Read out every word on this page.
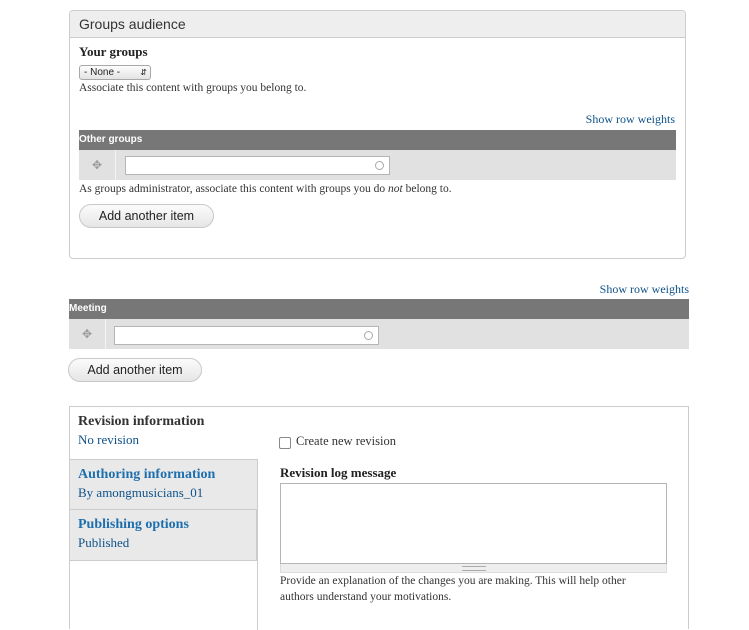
Groups audience
Your groups
- None -	⇵
Associate this content with groups you belong to.
Show row weights
Other groups
✥
As groups administrator, associate this content with groups you do not belong to.
Add another item
Show row weights
Meeting
✥
Add another item
Revision information
No revision
Authoring information
By amongmusicians_01
Publishing options
Published
Create new revision
Revision log message
Provide an explanation of the changes you are making. This will help other authors understand your motivations.
